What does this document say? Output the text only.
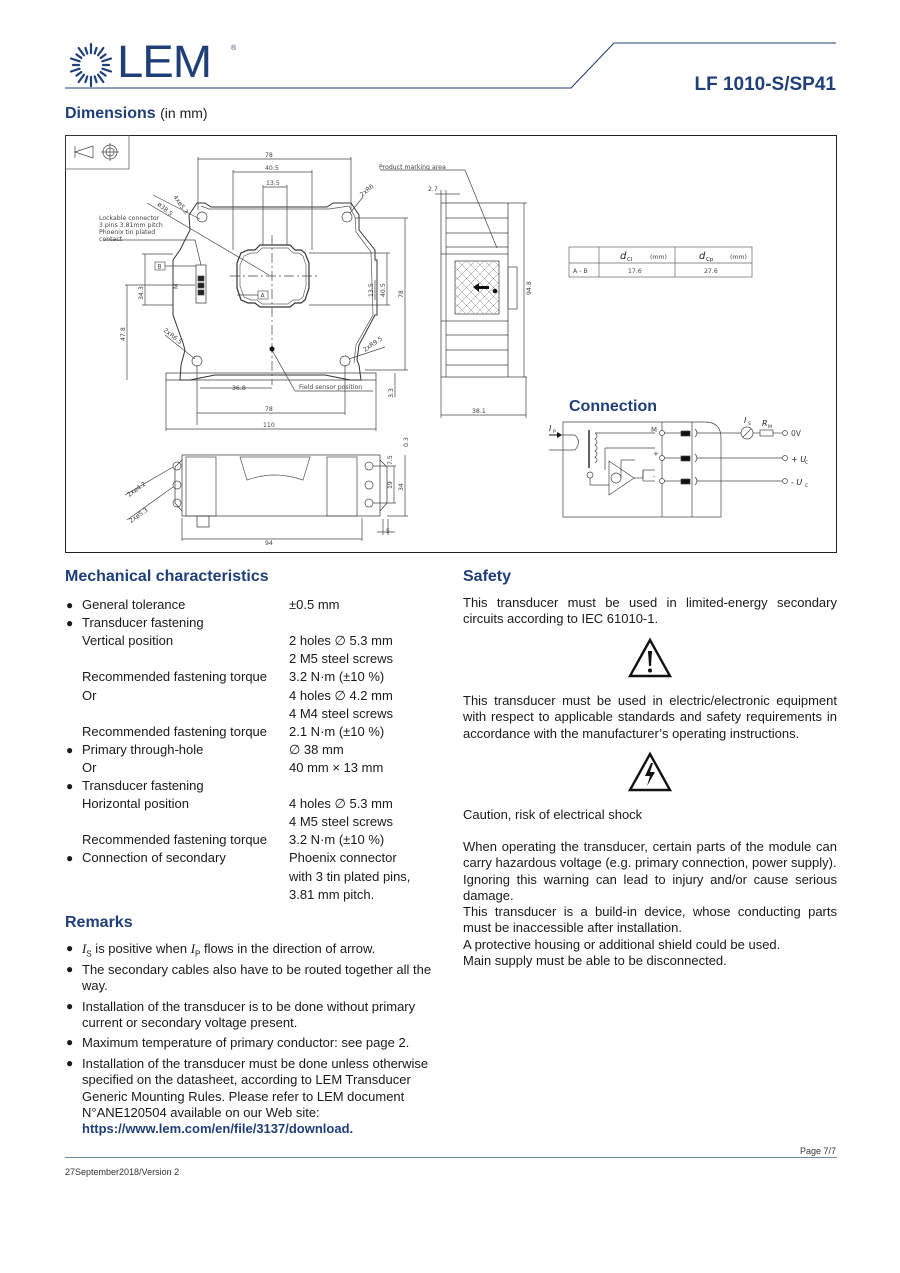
LEM	®
LF 1010-S/SP41
Dimensions (in mm)
78
40.5
13.5
4xø5.3
ø38.5
2xR6
Lockable connector
3 pins 3.81mm pitch
Phoenix tin plated
contact
34.3	M	13.5 40.5 78
47.8	2xR6.5	2xR9.5
36.8	Field sensor position
3.3
78
110
Product marking area
2.7
94.8
38.1
0.3
7.5
19 34
5
94
2xø4.2
2xø5.3
A - B	17.6	27.6
(mm)	(mm)
M
+
-
0V
d Cl	d Cp
I P
I S R M
+ U
C
- U C
B
A
Connection
Mechanical characteristics
● General tolerance	±0.5 mm
● Transducer fastening
Vertical position	2 holes ∅ 5.3 mm
2 M5 steel screws
Recommended fastening torque 3.2 N·m (±10 %)
Or	4 holes ∅ 4.2 mm
4 M4 steel screws
Recommended fastening torque 2.1 N·m (±10 %)
● Primary through-hole	∅ 38 mm
Or	40 mm × 13 mm
● Transducer fastening
Horizontal position	4 holes ∅ 5.3 mm
4 M5 steel screws
Recommended fastening torque 3.2 N·m (±10 %)
● Connection of secondary	Phoenix connector
with 3 tin plated pins,
3.81 mm pitch.
Remarks
● $I_S$ is positive when $I_P$ flows in the direction of arrow.
● The secondary cables also have to be routed together all the way.
● Installation of the transducer is to be done without primary current or secondary voltage present.
● Maximum temperature of primary conductor: see page 2.
● Installation of the transducer must be done unless otherwise specified on the datasheet, according to LEM Transducer Generic Mounting Rules. Please refer to LEM document N°ANE120504 available on our Web site:
https://www.lem.com/en/file/3137/download.
Safety
This transducer must be used in limited-energy secondary circuits according to IEC 61010-1.
This transducer must be used in electric/electronic equipment with respect to applicable standards and safety requirements in accordance with the manufacturer’s operating instructions.
Caution, risk of electrical shock
When operating the transducer, certain parts of the module can carry hazardous voltage (e.g. primary connection, power supply).
Ignoring this warning can lead to injury and/or cause serious damage.
This transducer is a build-in device, whose conducting parts must be inaccessible after installation.
A protective housing or additional shield could be used.
Main supply must be able to be disconnected.
Page 7/7
27September2018/Version 2
